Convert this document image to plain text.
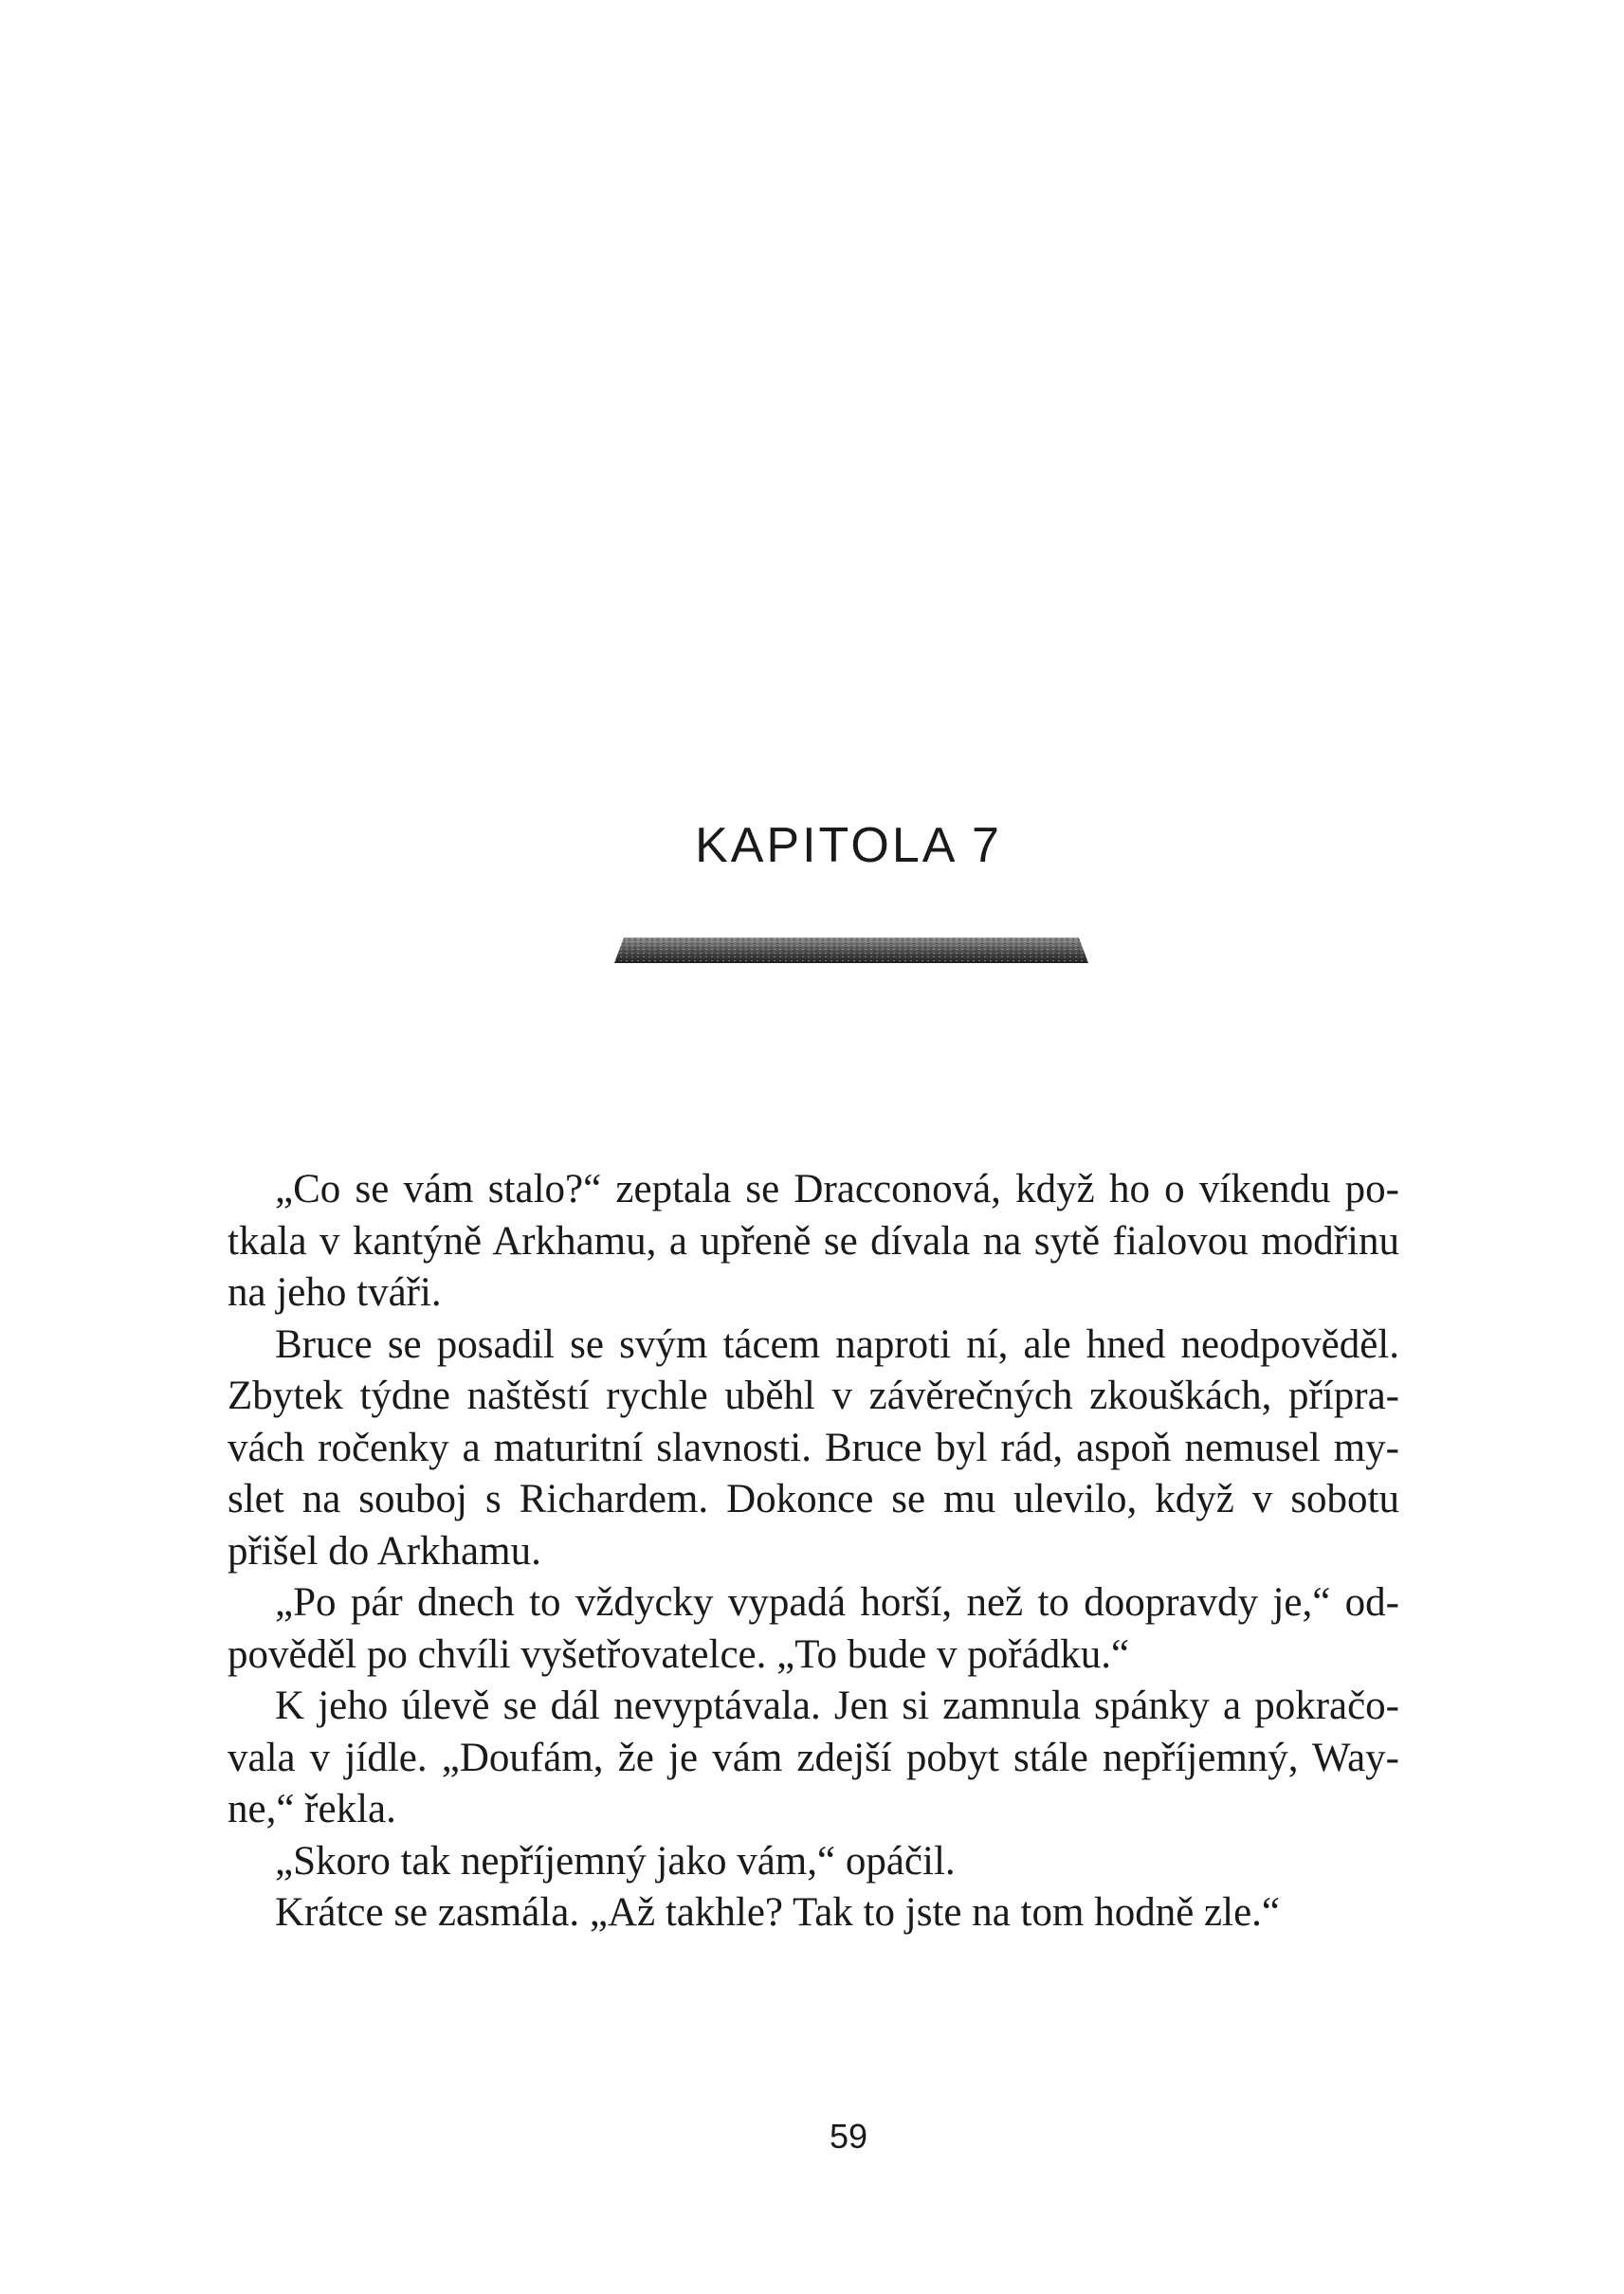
KAPITOLA 7
„Co se vám stalo?“ zeptala se Dracconová, když ho o víkendu po-
tkala v kantýně Arkhamu, a upřeně se dívala na sytě fialovou modřinu
na jeho tváři.
Bruce se posadil se svým tácem naproti ní, ale hned neodpověděl.
Zbytek týdne naštěstí rychle uběhl v závěrečných zkouškách, přípra-
vách ročenky a maturitní slavnosti. Bruce byl rád, aspoň nemusel my-
slet na souboj s Richardem. Dokonce se mu ulevilo, když v sobotu
přišel do Arkhamu.
„Po pár dnech to vždycky vypadá horší, než to doopravdy je,“ od-
pověděl po chvíli vyšetřovatelce. „To bude v pořádku.“
K jeho úlevě se dál nevyptávala. Jen si zamnula spánky a pokračo-
vala v jídle. „Doufám, že je vám zdejší pobyt stále nepříjemný, Way-
ne,“ řekla.
„Skoro tak nepříjemný jako vám,“ opáčil.
Krátce se zasmála. „Až takhle? Tak to jste na tom hodně zle.“
59
